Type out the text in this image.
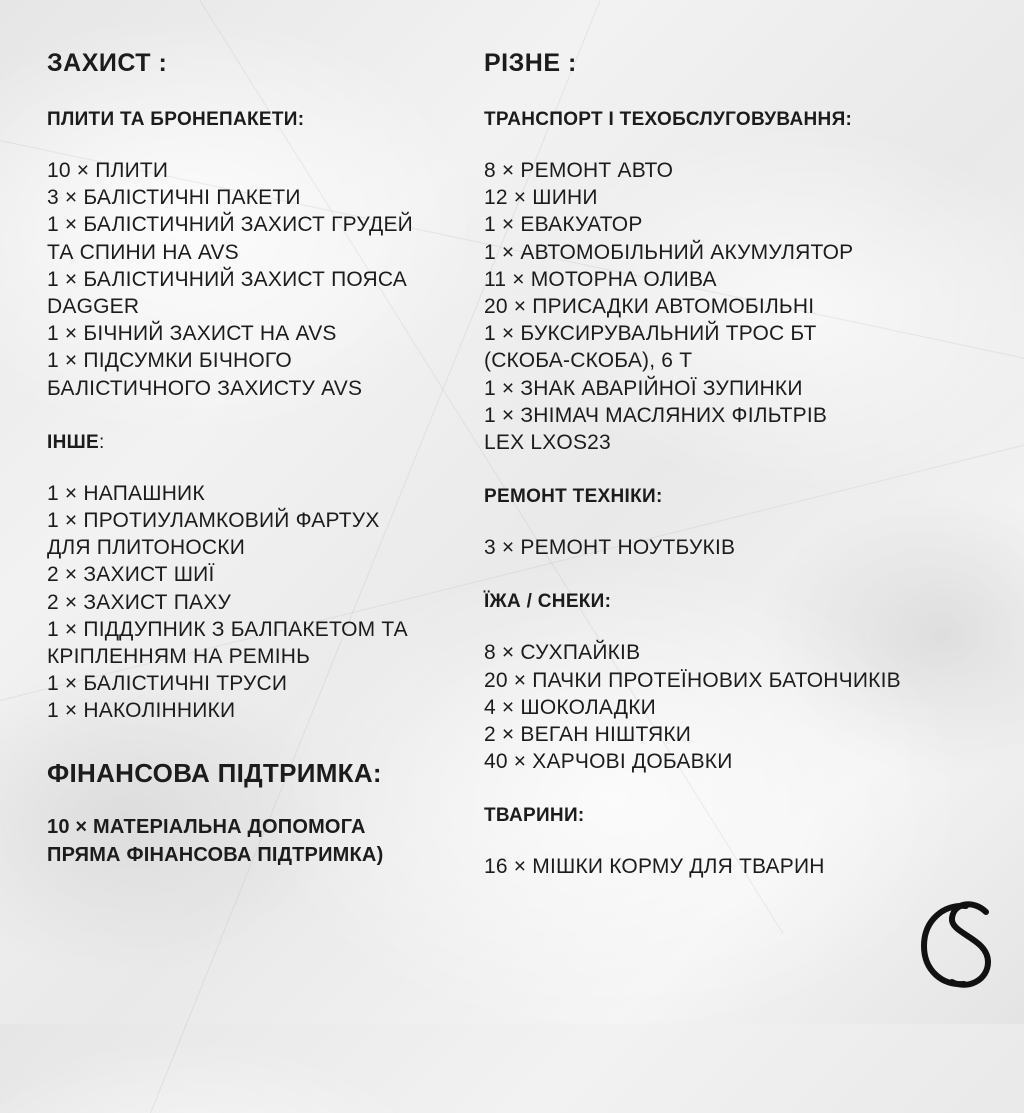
ЗАХИСТ :
ПЛИТИ ТА БРОНЕПАКЕТИ:
10 × ПЛИТИ
3 × БАЛІСТИЧНІ ПАКЕТИ
1 × БАЛІСТИЧНИЙ ЗАХИСТ ГРУДЕЙ
ТА СПИНИ НА AVS
1 × БАЛІСТИЧНИЙ ЗАХИСТ ПОЯСА
DAGGER
1 × БІЧНИЙ ЗАХИСТ НА AVS
1 × ПІДСУМКИ БІЧНОГО
БАЛІСТИЧНОГО ЗАХИСТУ AVS
ІНШЕ:
1 × НАПАШНИК
1 × ПРОТИУЛАМКОВИЙ ФАРТУХ
ДЛЯ ПЛИТОНОСКИ
2 × ЗАХИСТ ШИЇ
2 × ЗАХИСТ ПАХУ
1 × ПІДДУПНИК З БАЛПАКЕТОМ ТА
КРІПЛЕННЯМ НА РЕМІНЬ
1 × БАЛІСТИЧНІ ТРУСИ
1 × НАКОЛІННИКИ
ФІНАНСОВА ПІДТРИМКА:
10 × МАТЕРІАЛЬНА ДОПОМОГА
ПРЯМА ФІНАНСОВА ПІДТРИМКА)
РІЗНЕ :
ТРАНСПОРТ І ТЕХОБСЛУГОВУВАННЯ:
8 × РЕМОНТ АВТО
12 × ШИНИ
1 × ЕВАКУАТОР
1 × АВТОМОБІЛЬНИЙ АКУМУЛЯТОР
11 × МОТОРНА ОЛИВА
20 × ПРИСАДКИ АВТОМОБІЛЬНІ
1 × БУКСИРУВАЛЬНИЙ ТРОС БТ
(СКОБА-СКОБА), 6 Т
1 × ЗНАК АВАРІЙНОЇ ЗУПИНКИ
1 × ЗНІМАЧ МАСЛЯНИХ ФІЛЬТРІВ
LEX LXOS23
РЕМОНТ ТЕХНІКИ:
3 × РЕМОНТ НОУТБУКІВ
ЇЖА / СНЕКИ:
8 × СУХПАЙКІВ
20 × ПАЧКИ ПРОТЕЇНОВИХ БАТОНЧИКІВ
4 × ШОКОЛАДКИ
2 × ВЕГАН НІШТЯКИ
40 × ХАРЧОВІ ДОБАВКИ
ТВАРИНИ:
16 × МІШКИ КОРМУ ДЛЯ ТВАРИН
